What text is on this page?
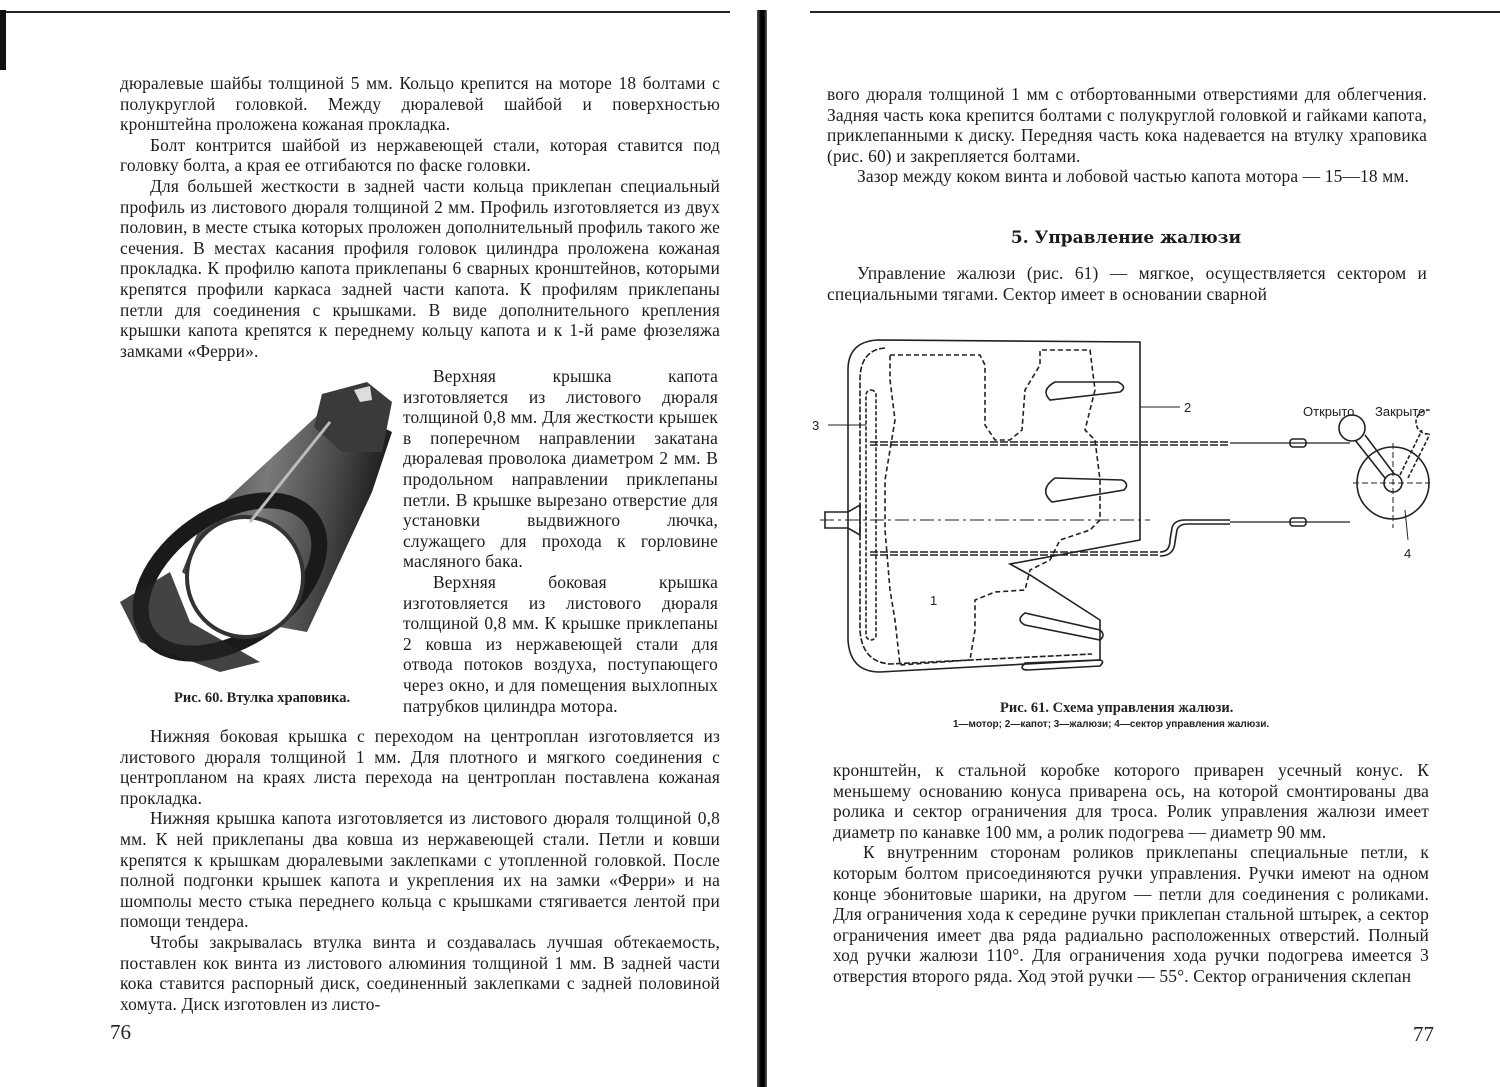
дюралевые шайбы толщиной 5 мм. Кольцо крепится на моторе 18 болтами с полукруглой головкой. Между дюралевой шайбой и поверхностью кронштейна проложена кожаная прокладка.

Болт контрится шайбой из нержавеющей стали, которая ставится под головку болта, а края ее отгибаются по фаске головки.

Для большей жесткости в задней части кольца приклепан специальный профиль из листового дюраля толщиной 2 мм. Профиль изготовляется из двух половин, в месте стыка которых проложен дополнительный профиль такого же сечения. В местах касания профиля головок цилиндра проложена кожаная прокладка. К профилю капота приклепаны 6 сварных кронштейнов, которыми крепятся профили каркаса задней части капота. К профилям приклепаны петли для соединения с крышками. В виде дополнительного крепления крышки капота крепятся к переднему кольцу капота и к 1-й раме фюзеляжа замками «Ферри».

Рис. 60. Втулка храповика.

Верхняя крышка капота изготовляется из листового дюраля толщиной 0,8 мм. Для жесткости крышек в поперечном направлении закатана дюралевая проволока диаметром 2 мм. В продольном направлении приклепаны петли. В крышке вырезано отверстие для установки выдвижного лючка, служащего для прохода к горловине масляного бака.

Верхняя боковая крышка изготовляется из листового дюраля толщиной 0,8 мм. К крышке приклепаны 2 ковша из нержавеющей стали для отвода потоков воздуха, поступающего через окно, и для помещения выхлопных патрубков цилиндра мотора.

Нижняя боковая крышка с переходом на центроплан изготовляется из листового дюраля толщиной 1 мм. Для плотного и мягкого соединения с центропланом на краях листа перехода на центроплан поставлена кожаная прокладка.

Нижняя крышка капота изготовляется из листового дюраля толщиной 0,8 мм. К ней приклепаны два ковша из нержавеющей стали. Петли и ковши крепятся к крышкам дюралевыми заклепками с утопленной головкой. После полной подгонки крышек капота и укрепления их на замки «Ферри» и на шомполы место стыка переднего кольца с крышками стягивается лентой при помощи тендера.

Чтобы закрывалась втулка винта и создавалась лучшая обтекаемость, поставлен кок винта из листового алюминия толщиной 1 мм. В задней части кока ставится распорный диск, соединенный заклепками с задней половиной хомута. Диск изготовлен из листо-

76

вого дюраля толщиной 1 мм с отбортованными отверстиями для облегчения. Задняя часть кока крепится болтами с полукруглой головкой и гайками капота, приклепанными к диску. Передняя часть кока надевается на втулку храповика (рис. 60) и закрепляется болтами.

Зазор между коком винта и лобовой частью капота мотора — 15—18 мм.

5. Управление жалюзи

Управление жалюзи (рис. 61) — мягкое, осуществляется сектором и специальными тягами. Сектор имеет в основании сварной

3
2
1
4
Открыто Закрыто
Рис. 61. Схема управления жалюзи.
1—мотор; 2—капот; 3—жалюзи; 4—сектор управления жалюзи.

кронштейн, к стальной коробке которого приварен усечный конус. К меньшему основанию конуса приварена ось, на которой смонтированы два ролика и сектор ограничения для троса. Ролик управления жалюзи имеет диаметр по канавке 100 мм, а ролик подогрева — диаметр 90 мм.

К внутренним сторонам роликов приклепаны специальные петли, к которым болтом присоединяются ручки управления. Ручки имеют на одном конце эбонитовые шарики, на другом — петли для соединения с роликами. Для ограничения хода к середине ручки приклепан стальной штырек, а сектор ограничения имеет два ряда радиально расположенных отверстий. Полный ход ручки жалюзи 110°. Для ограничения хода ручки подогрева имеется 3 отверстия второго ряда. Ход этой ручки — 55°. Сектор ограничения склепан

77
